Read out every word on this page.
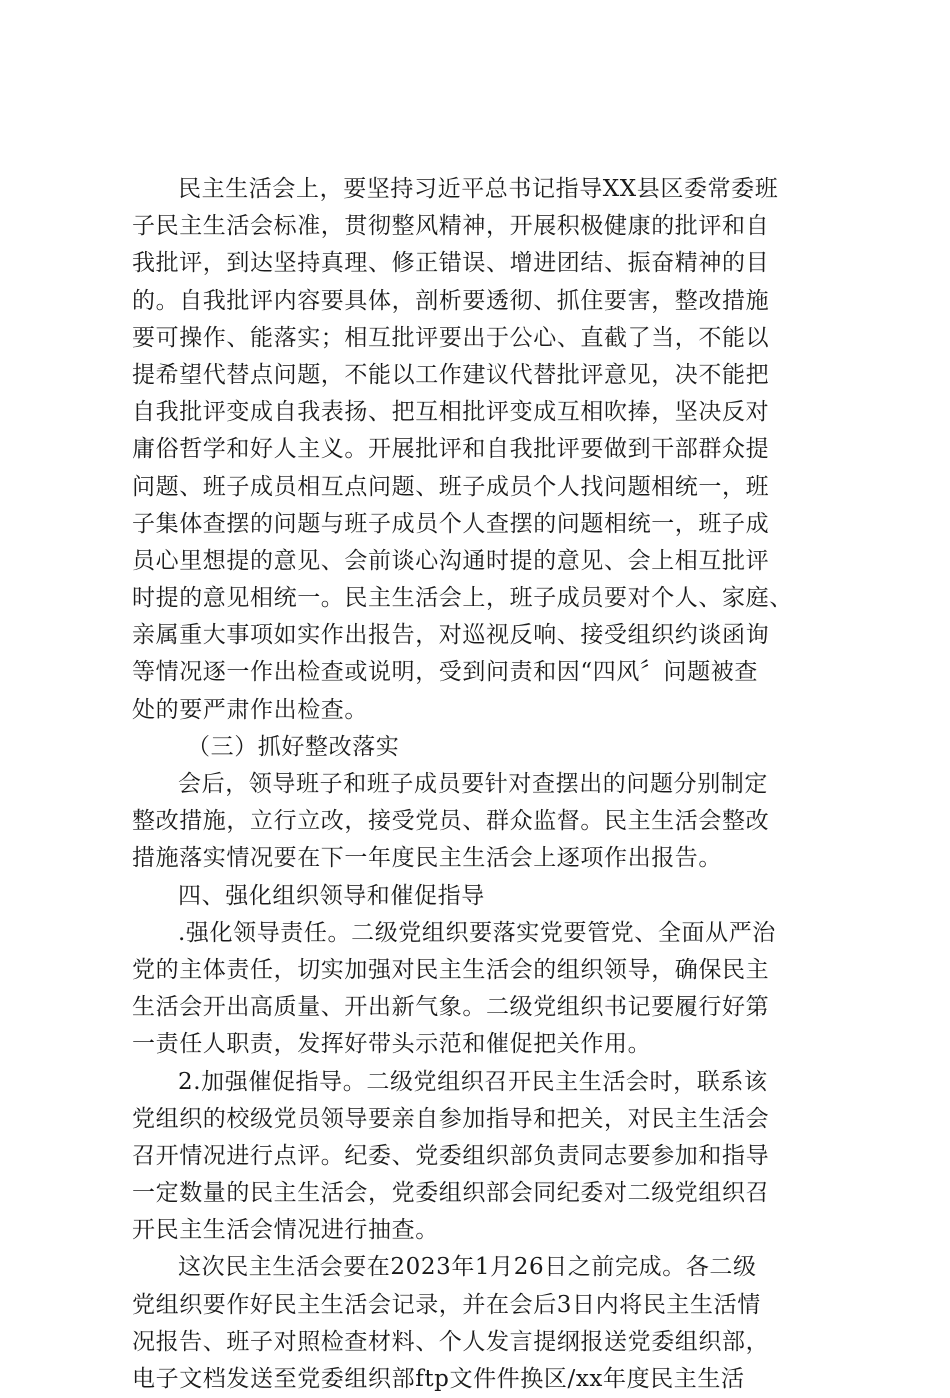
民主生活会上，要坚持习近平总书记指导XX县区委常委班
子民主生活会标准，贯彻整风精神，开展积极健康的批评和自
我批评，到达坚持真理、修正错误、增进团结、振奋精神的目
的。自我批评内容要具体，剖析要透彻、抓住要害，整改措施
要可操作、能落实；相互批评要出于公心、直截了当，不能以
提希望代替点问题，不能以工作建议代替批评意见，决不能把
自我批评变成自我表扬、把互相批评变成互相吹捧，坚决反对
庸俗哲学和好人主义。开展批评和自我批评要做到干部群众提
问题、班子成员相互点问题、班子成员个人找问题相统一，班
子集体查摆的问题与班子成员个人查摆的问题相统一，班子成
员心里想提的意见、会前谈心沟通时提的意见、会上相互批评
时提的意见相统一。民主生活会上，班子成员要对个人、家庭、
亲属重大事项如实作出报告，对巡视反响、接受组织约谈函询
等情况逐一作出检查或说明，受到问责和因“四风〞问题被查
处的要严肃作出检查。
（三）抓好整改落实
会后，领导班子和班子成员要针对查摆出的问题分别制定
整改措施，立行立改，接受党员、群众监督。民主生活会整改
措施落实情况要在下一年度民主生活会上逐项作出报告。
四、强化组织领导和催促指导
.强化领导责任。二级党组织要落实党要管党、全面从严治
党的主体责任，切实加强对民主生活会的组织领导，确保民主
生活会开出高质量、开出新气象。二级党组织书记要履行好第
一责任人职责，发挥好带头示范和催促把关作用。
2.加强催促指导。二级党组织召开民主生活会时，联系该
党组织的校级党员领导要亲自参加指导和把关，对民主生活会
召开情况进行点评。纪委、党委组织部负责同志要参加和指导
一定数量的民主生活会，党委组织部会同纪委对二级党组织召
开民主生活会情况进行抽查。
这次民主生活会要在2023年1月26日之前完成。各二级
党组织要作好民主生活会记录，并在会后3日内将民主生活情
况报告、班子对照检查材料、个人发言提纲报送党委组织部，
电子文档发送至党委组织部ftp文件件换区/xx年度民主生活
